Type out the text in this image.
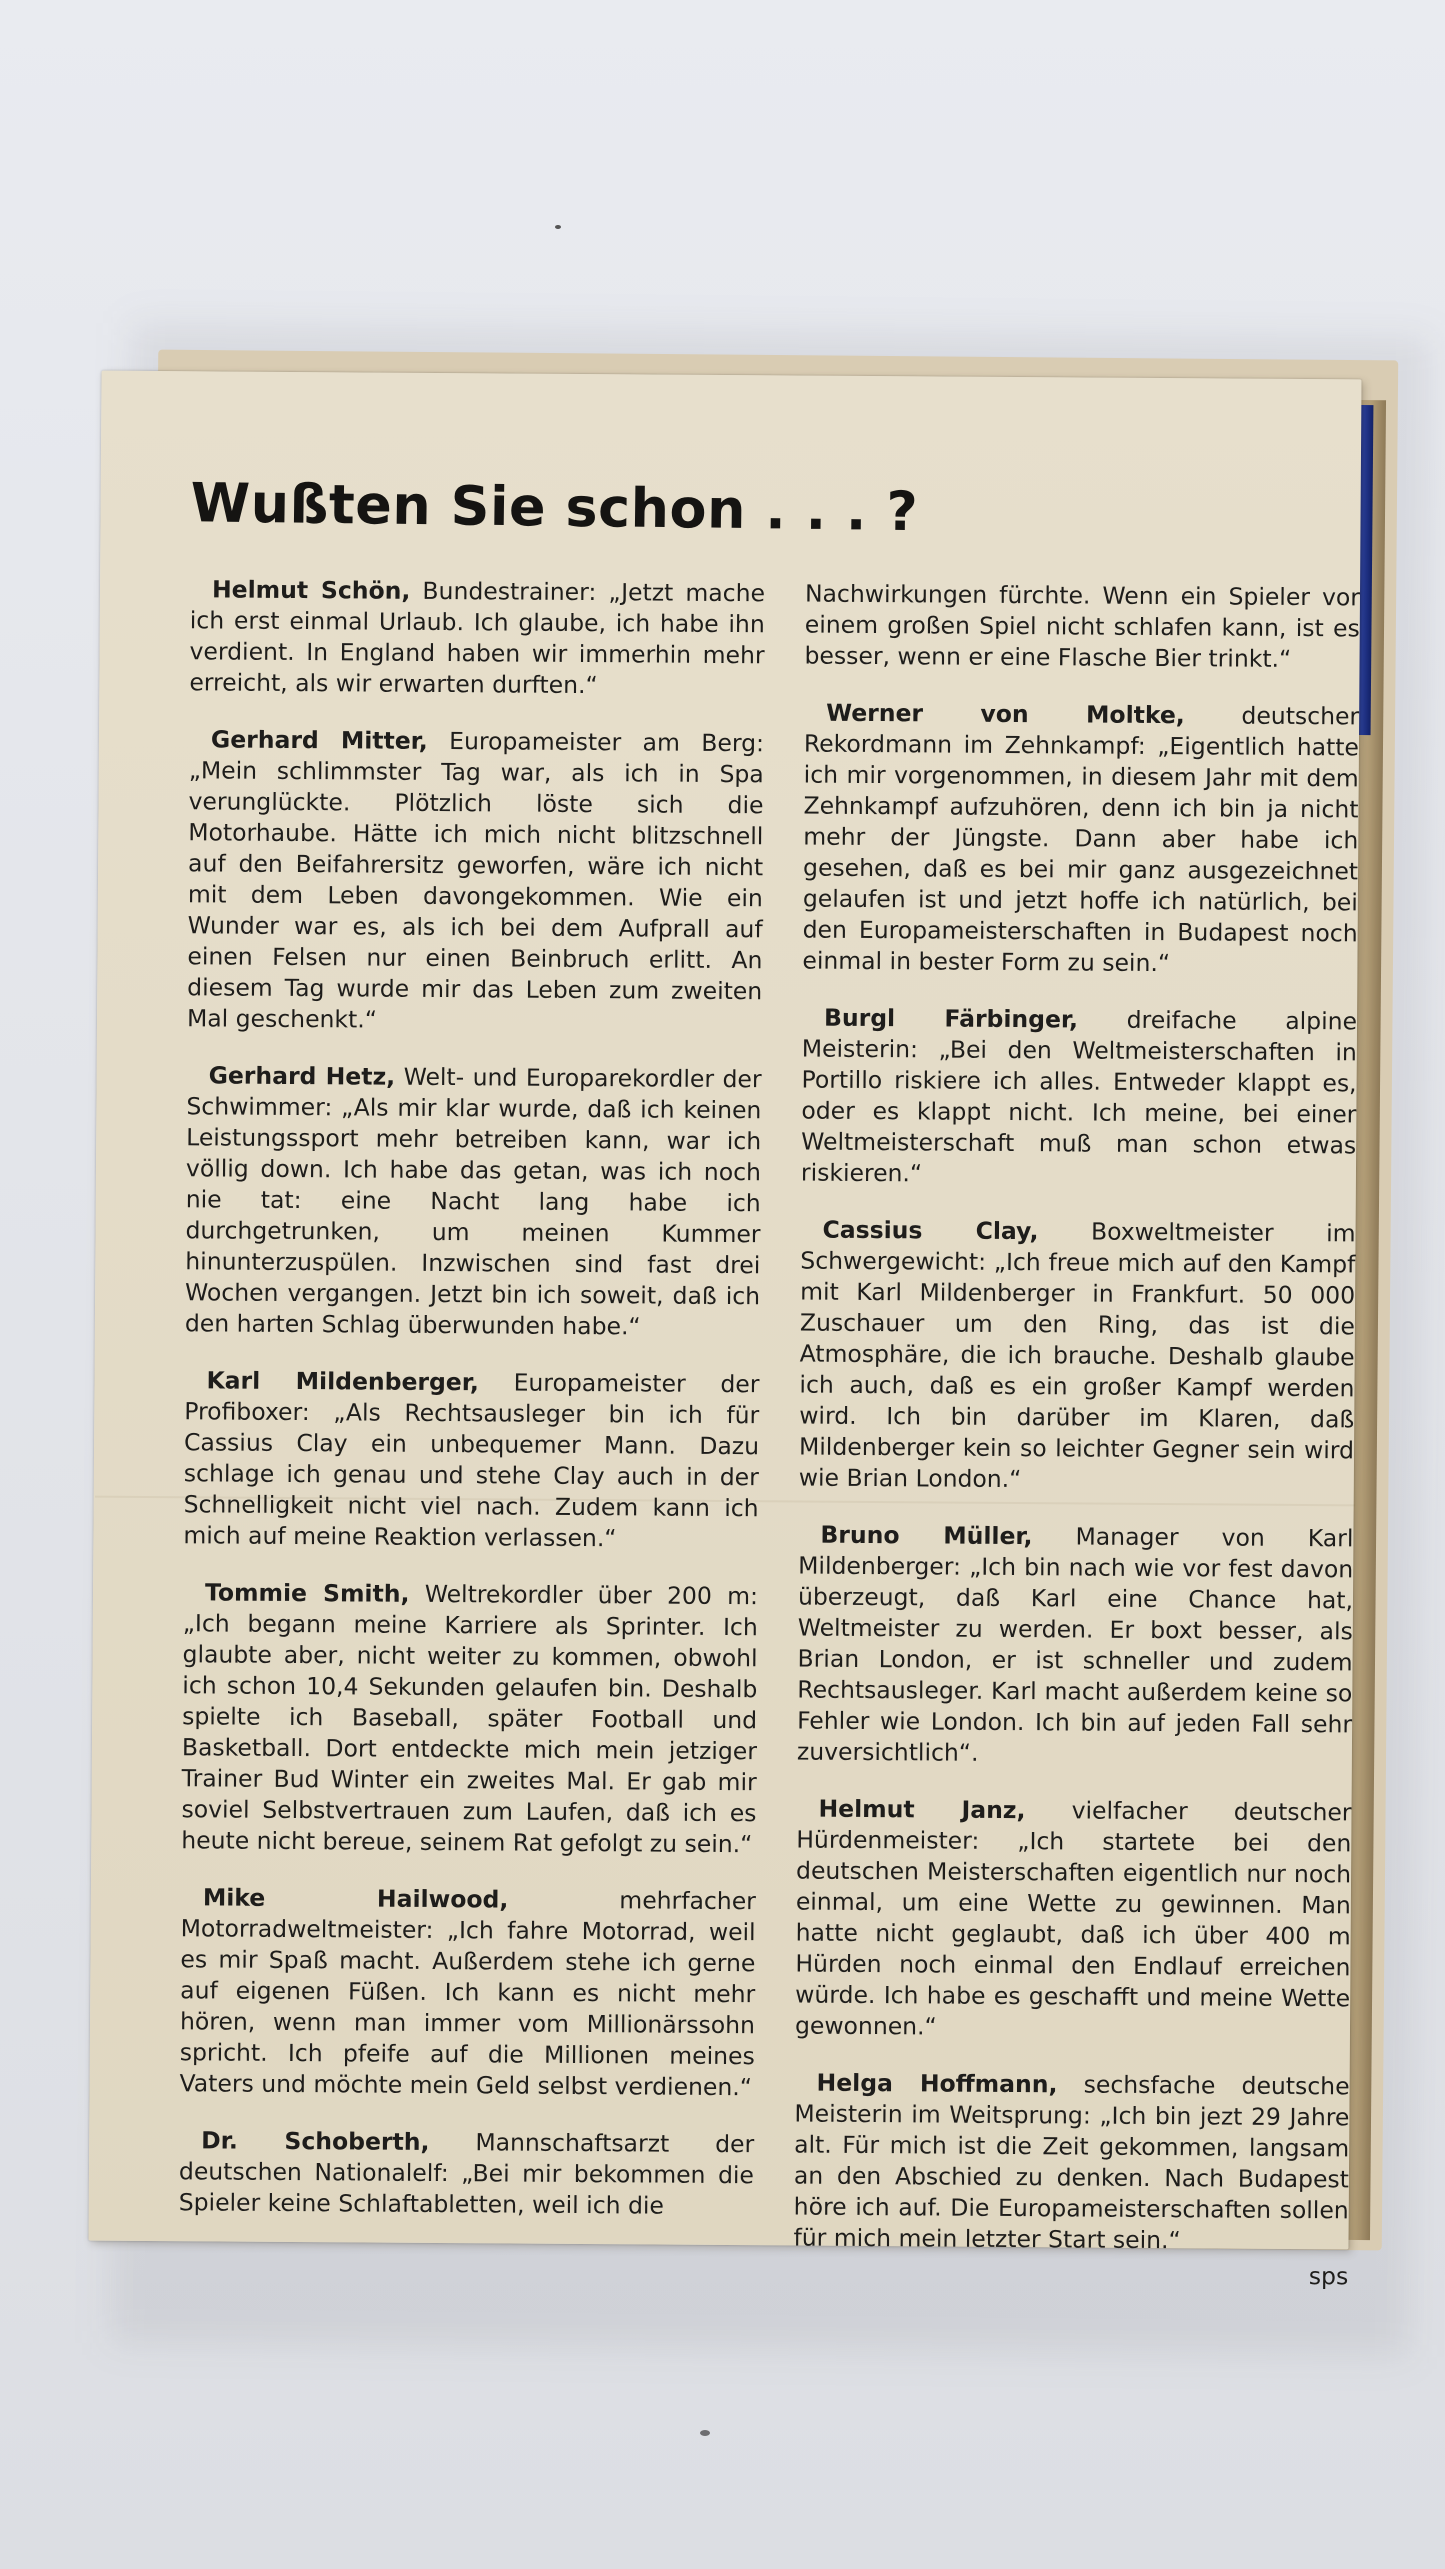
Wußten Sie schon . . . ?

Helmut Schön, Bundestrainer: „Jetzt mache ich erst einmal Urlaub. Ich glaube, ich habe ihn verdient. In England haben wir immerhin mehr erreicht, als wir erwarten durften.“

Gerhard Mitter, Europameister am Berg: „Mein schlimmster Tag war, als ich in Spa verunglückte. Plötzlich löste sich die Motorhaube. Hätte ich mich nicht blitzschnell auf den Beifahrersitz geworfen, wäre ich nicht mit dem Leben davongekommen. Wie ein Wunder war es, als ich bei dem Aufprall auf einen Felsen nur einen Beinbruch erlitt. An diesem Tag wurde mir das Leben zum zweiten Mal geschenkt.“

Gerhard Hetz, Welt- und Europarekordler der Schwimmer: „Als mir klar wurde, daß ich keinen Leistungssport mehr betreiben kann, war ich völlig down. Ich habe das getan, was ich noch nie tat: eine Nacht lang habe ich durchgetrunken, um meinen Kummer hinunterzuspülen. Inzwischen sind fast drei Wochen vergangen. Jetzt bin ich soweit, daß ich den harten Schlag überwunden habe.“

Karl Mildenberger, Europameister der Profiboxer: „Als Rechtsausleger bin ich für Cassius Clay ein unbequemer Mann. Dazu schlage ich genau und stehe Clay auch in der Schnelligkeit nicht viel nach. Zudem kann ich mich auf meine Reaktion verlassen.“

Tommie Smith, Weltrekordler über 200 m: „Ich begann meine Karriere als Sprinter. Ich glaubte aber, nicht weiter zu kommen, obwohl ich schon 10,4 Sekunden gelaufen bin. Deshalb spielte ich Baseball, später Football und Basketball. Dort entdeckte mich mein jetziger Trainer Bud Winter ein zweites Mal. Er gab mir soviel Selbstvertrauen zum Laufen, daß ich es heute nicht bereue, seinem Rat gefolgt zu sein.“

Mike Hailwood, mehrfacher Motorradweltmeister: „Ich fahre Motorrad, weil es mir Spaß macht. Außerdem stehe ich gerne auf eigenen Füßen. Ich kann es nicht mehr hören, wenn man immer vom Millionärssohn spricht. Ich pfeife auf die Millionen meines Vaters und möchte mein Geld selbst verdienen.“

Dr. Schoberth, Mannschaftsarzt der deutschen Nationalelf: „Bei mir bekommen die Spieler keine Schlaftabletten, weil ich die

Nachwirkungen fürchte. Wenn ein Spieler vor einem großen Spiel nicht schlafen kann, ist es besser, wenn er eine Flasche Bier trinkt.“

Werner von Moltke, deutscher Rekordmann im Zehnkampf: „Eigentlich hatte ich mir vorgenommen, in diesem Jahr mit dem Zehnkampf aufzuhören, denn ich bin ja nicht mehr der Jüngste. Dann aber habe ich gesehen, daß es bei mir ganz ausgezeichnet gelaufen ist und jetzt hoffe ich natürlich, bei den Europameisterschaften in Budapest noch einmal in bester Form zu sein.“

Burgl Färbinger, dreifache alpine Meisterin: „Bei den Weltmeisterschaften in Portillo riskiere ich alles. Entweder klappt es, oder es klappt nicht. Ich meine, bei einer Weltmeisterschaft muß man schon etwas riskieren.“

Cassius Clay, Boxweltmeister im Schwergewicht: „Ich freue mich auf den Kampf mit Karl Mildenberger in Frankfurt. 50 000 Zuschauer um den Ring, das ist die Atmosphäre, die ich brauche. Deshalb glaube ich auch, daß es ein großer Kampf werden wird. Ich bin darüber im Klaren, daß Mildenberger kein so leichter Gegner sein wird wie Brian London.“

Bruno Müller, Manager von Karl Mildenberger: „Ich bin nach wie vor fest davon überzeugt, daß Karl eine Chance hat, Weltmeister zu werden. Er boxt besser, als Brian London, er ist schneller und zudem Rechtsausleger. Karl macht außerdem keine so Fehler wie London. Ich bin auf jeden Fall sehr zuversichtlich“.

Helmut Janz, vielfacher deutscher Hürdenmeister: „Ich startete bei den deutschen Meisterschaften eigentlich nur noch einmal, um eine Wette zu gewinnen. Man hatte nicht geglaubt, daß ich über 400 m Hürden noch einmal den Endlauf erreichen würde. Ich habe es geschafft und meine Wette gewonnen.“

Helga Hoffmann, sechsfache deutsche Meisterin im Weitsprung: „Ich bin jezt 29 Jahre alt. Für mich ist die Zeit gekommen, langsam an den Abschied zu denken. Nach Budapest höre ich auf. Die Europameisterschaften sollen für mich mein letzter Start sein.“

sps
